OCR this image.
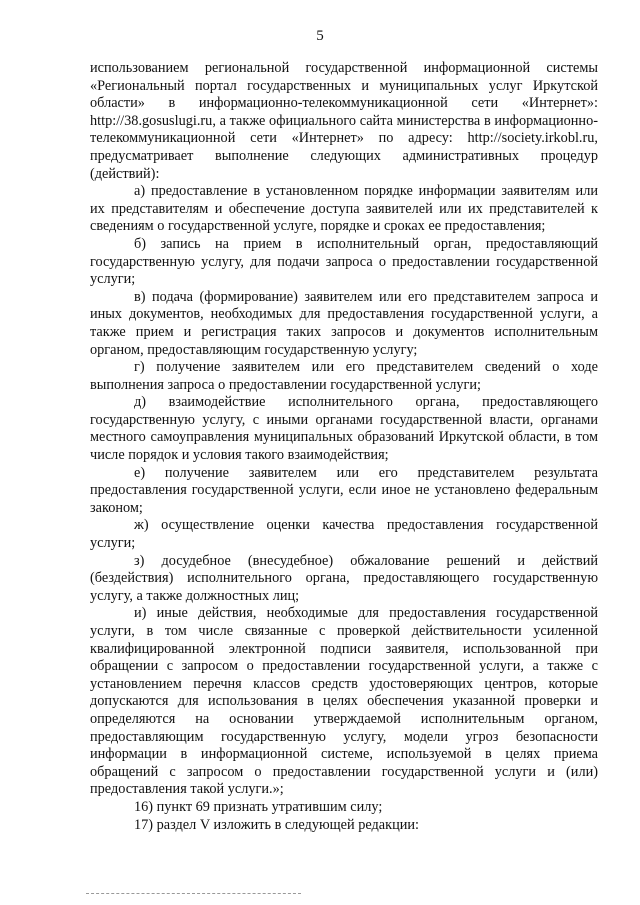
5

использованием региональной государственной информационной системы «Региональный портал государственных и муниципальных услуг Иркутской области» в информационно-телекоммуникационной сети «Интернет»: http://38.gosuslugi.ru, а также официального сайта министерства в информационно-телекоммуникационной сети «Интернет» по адресу: http://society.irkobl.ru, предусматривает выполнение следующих административных процедур (действий):

а) предоставление в установленном порядке информации заявителям или их представителям и обеспечение доступа заявителей или их представителей к сведениям о государственной услуге, порядке и сроках ее предоставления;

б) запись на прием в исполнительный орган, предоставляющий государственную услугу, для подачи запроса о предоставлении государственной услуги;

в) подача (формирование) заявителем или его представителем запроса и иных документов, необходимых для предоставления государственной услуги, а также прием и регистрация таких запросов и документов исполнительным органом, предоставляющим государственную услугу;

г) получение заявителем или его представителем сведений о ходе выполнения запроса о предоставлении государственной услуги;

д) взаимодействие исполнительного органа, предоставляющего государственную услугу, с иными органами государственной власти, органами местного самоуправления муниципальных образований Иркутской области, в том числе порядок и условия такого взаимодействия;

е) получение заявителем или его представителем результата предоставления государственной услуги, если иное не установлено федеральным законом;

ж) осуществление оценки качества предоставления государственной услуги;

з) досудебное (внесудебное) обжалование решений и действий (бездействия) исполнительного органа, предоставляющего государственную услугу, а также должностных лиц;

и) иные действия, необходимые для предоставления государственной услуги, в том числе связанные с проверкой действительности усиленной квалифицированной электронной подписи заявителя, использованной при обращении с запросом о предоставлении государственной услуги, а также с установлением перечня классов средств удостоверяющих центров, которые допускаются для использования в целях обеспечения указанной проверки и определяются на основании утверждаемой исполнительным органом, предоставляющим государственную услугу, модели угроз безопасности информации в информационной системе, используемой в целях приема обращений с запросом о предоставлении государственной услуги и (или) предоставления такой услуги.»;

16) пункт 69 признать утратившим силу;

17) раздел V изложить в следующей редакции:
